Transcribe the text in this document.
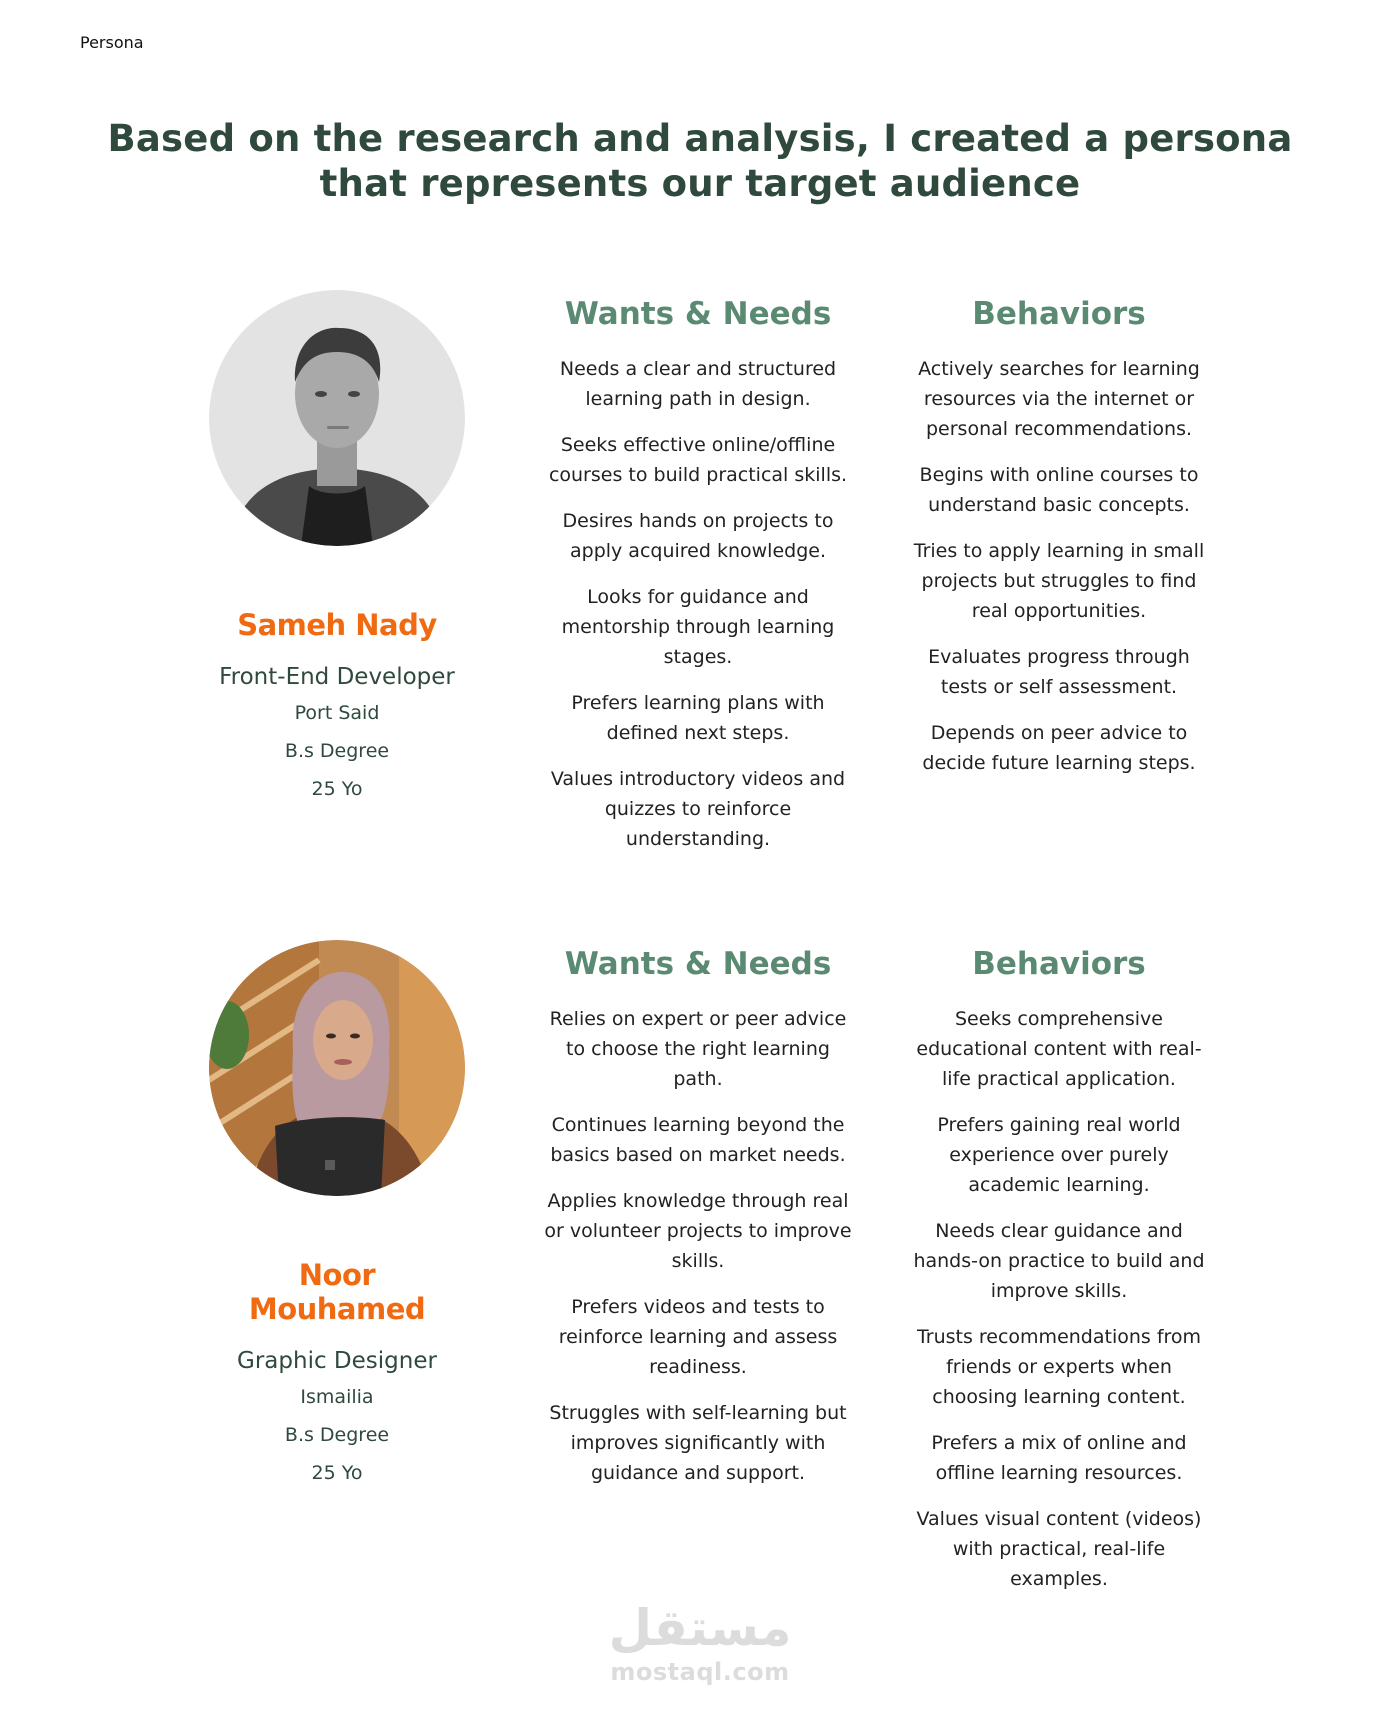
Persona
Based on the research and analysis, I created a persona
that represents our target audience
Sameh Nady
Front-End Developer
Port Said
B.s Degree
25 Yo
Wants & Needs
Needs a clear and structured learning path in design.
Seeks effective online/offline courses to build practical skills.
Desires hands on projects to apply acquired knowledge.
Looks for guidance and mentorship through learning stages.
Prefers learning plans with defined next steps.
Values introductory videos and quizzes to reinforce understanding.
Behaviors
Actively searches for learning resources via the internet or personal recommendations.
Begins with online courses to understand basic concepts.
Tries to apply learning in small projects but struggles to find real opportunities.
Evaluates progress through tests or self assessment.
Depends on peer advice to decide future learning steps.
Noor Mouhamed
Graphic Designer
Ismailia
B.s Degree
25 Yo
Wants & Needs
Relies on expert or peer advice to choose the right learning path.
Continues learning beyond the basics based on market needs.
Applies knowledge through real or volunteer projects to improve skills.
Prefers videos and tests to reinforce learning and assess readiness.
Struggles with self-learning but improves significantly with guidance and support.
Behaviors
Seeks comprehensive educational content with real-life practical application.
Prefers gaining real world experience over purely academic learning.
Needs clear guidance and hands-on practice to build and improve skills.
Trusts recommendations from friends or experts when choosing learning content.
Prefers a mix of online and offline learning resources.
Values visual content (videos) with practical, real-life examples.
مستقل
mostaql.com
